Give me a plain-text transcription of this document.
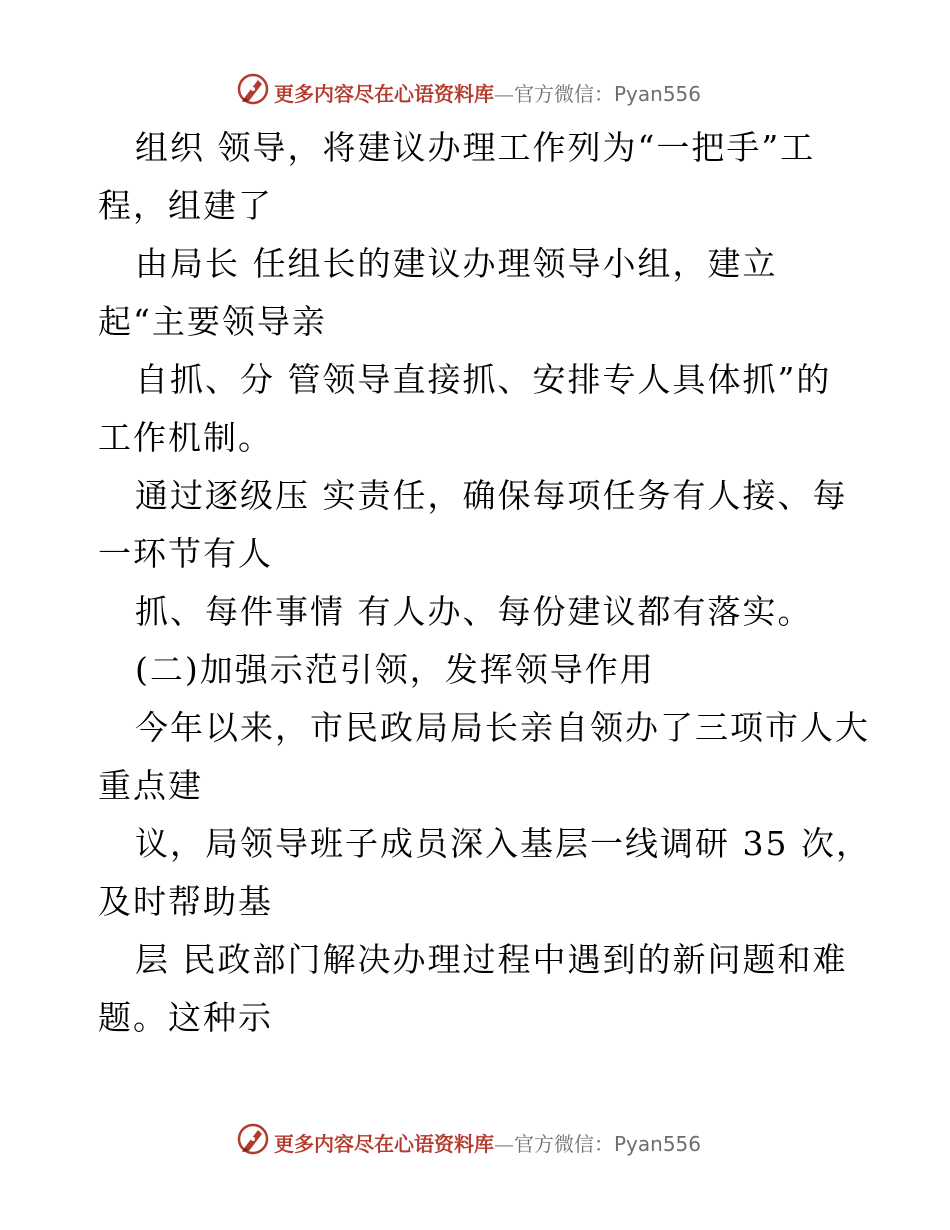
更多内容尽在心语资料库—官方微信：Pyan556
组织 领导，将建议办理工作列为“一把手”工
程，组建了
由局长 任组长的建议办理领导小组，建立
起“主要领导亲
自抓、分 管领导直接抓、安排专人具体抓”的
工作机制。
通过逐级压 实责任，确保每项任务有人接、每
一环节有人
抓、每件事情 有人办、每份建议都有落实。
(二)加强示范引领，发挥领导作用
今年以来，市民政局局长亲自领办了三项市人大
重点建
议，局领导班子成员深入基层一线调研 35 次，
及时帮助基
层 民政部门解决办理过程中遇到的新问题和难
题。这种示
更多内容尽在心语资料库—官方微信：Pyan556
